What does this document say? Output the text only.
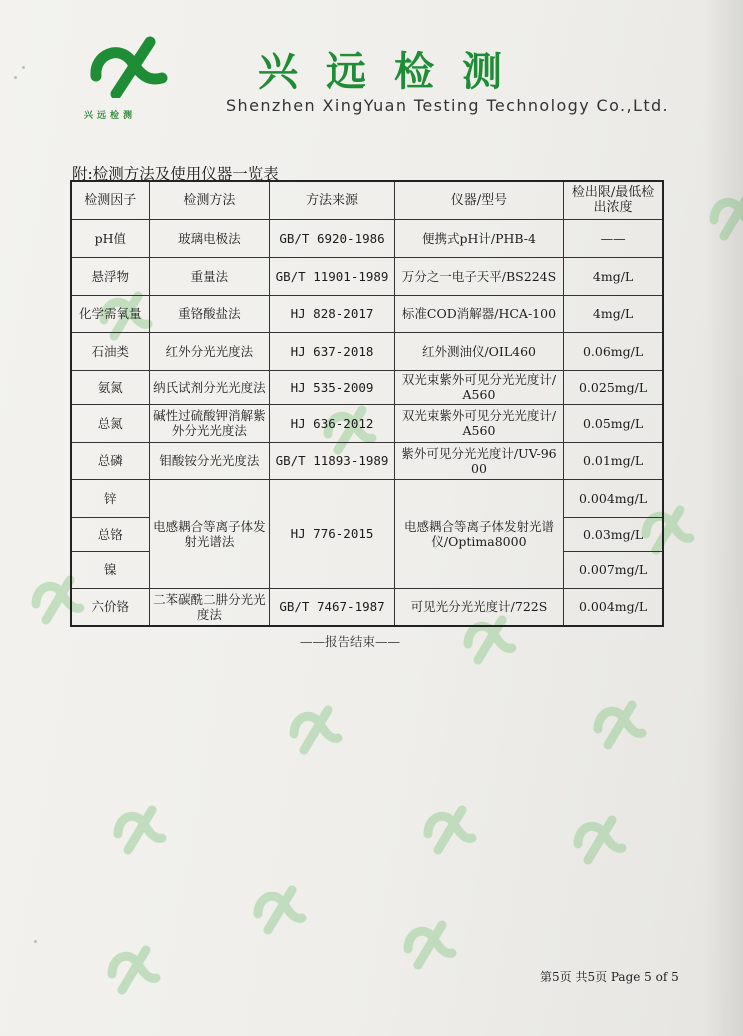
兴远检测
兴远检测
Shenzhen XingYuan Testing Technology Co.,Ltd.
附:检测方法及使用仪器一览表
检测因子	检测方法	方法来源	仪器/型号	检出限/最低检出浓度
pH值	玻璃电极法	GB/T 6920-1986	便携式pH计/PHB-4	——
悬浮物	重量法	GB/T 11901-1989	万分之一电子天平/BS224S	4mg/L
化学需氧量	重铬酸盐法	HJ 828-2017	标准COD消解器/HCA-100	4mg/L
石油类	红外分光光度法	HJ 637-2018	红外测油仪/OIL460	0.06mg/L
氨氮	纳氏试剂分光光度法	HJ 535-2009	双光束紫外可见分光光度计/A560	0.025mg/L
总氮	碱性过硫酸钾消解紫外分光光度法	HJ 636-2012	双光束紫外可见分光光度计/A560	0.05mg/L
总磷	钼酸铵分光光度法	GB/T 11893-1989	紫外可见分光光度计/UV-9600	0.01mg/L
锌	电感耦合等离子体发射光谱法	HJ 776-2015	电感耦合等离子体发射光谱仪/Optima8000	0.004mg/L
总铬				0.03mg/L
镍				0.007mg/L
六价铬	二苯碳酰二肼分光光度法	GB/T 7467-1987	可见光分光光度计/722S	0.004mg/L
——报告结束——
第5页 共5页 Page 5 of 5
